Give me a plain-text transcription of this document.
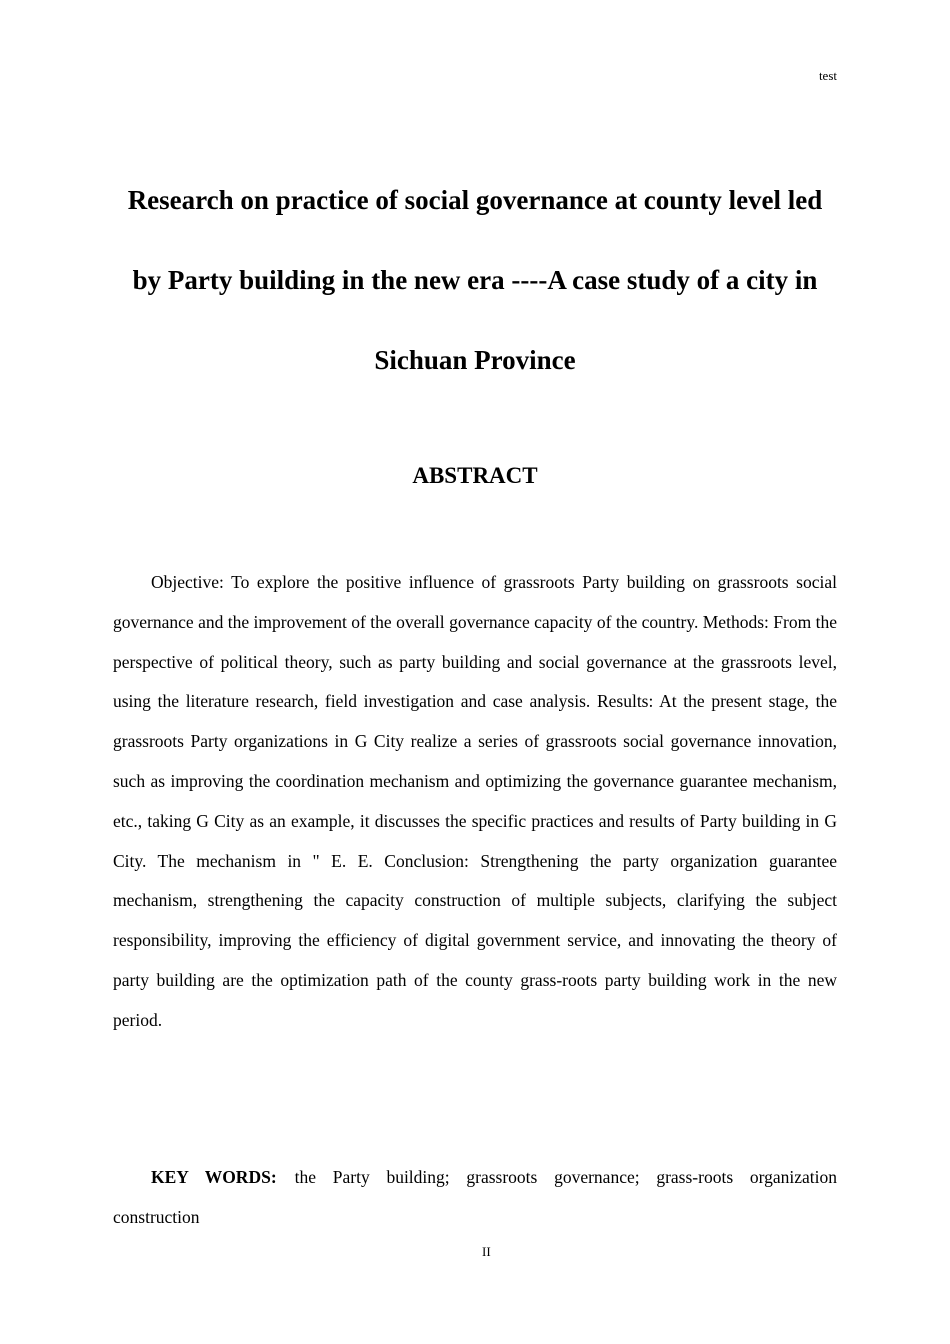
test
Research on practice of social governance at county level led by Party building in the new era ----A case study of a city in Sichuan Province
ABSTRACT

Objective: To explore the positive influence of grassroots Party building on grassroots social governance and the improvement of the overall governance capacity of the country. Methods: From the perspective of political theory, such as party building and social governance at the grassroots level, using the literature research, field investigation and case analysis. Results: At the present stage, the grassroots Party organizations in G City realize a series of grassroots social governance innovation, such as improving the coordination mechanism and optimizing the governance guarantee mechanism, etc., taking G City as an example, it discusses the specific practices and results of Party building in G City. The mechanism in " E. E. Conclusion: Strengthening the party organization guarantee mechanism, strengthening the capacity construction of multiple subjects, clarifying the subject responsibility, improving the efficiency of digital government service, and innovating the theory of party building are the optimization path of the county grass-roots party building work in the new period.

KEY WORDS: the Party building; grassroots governance; grass-roots organization construction

II
